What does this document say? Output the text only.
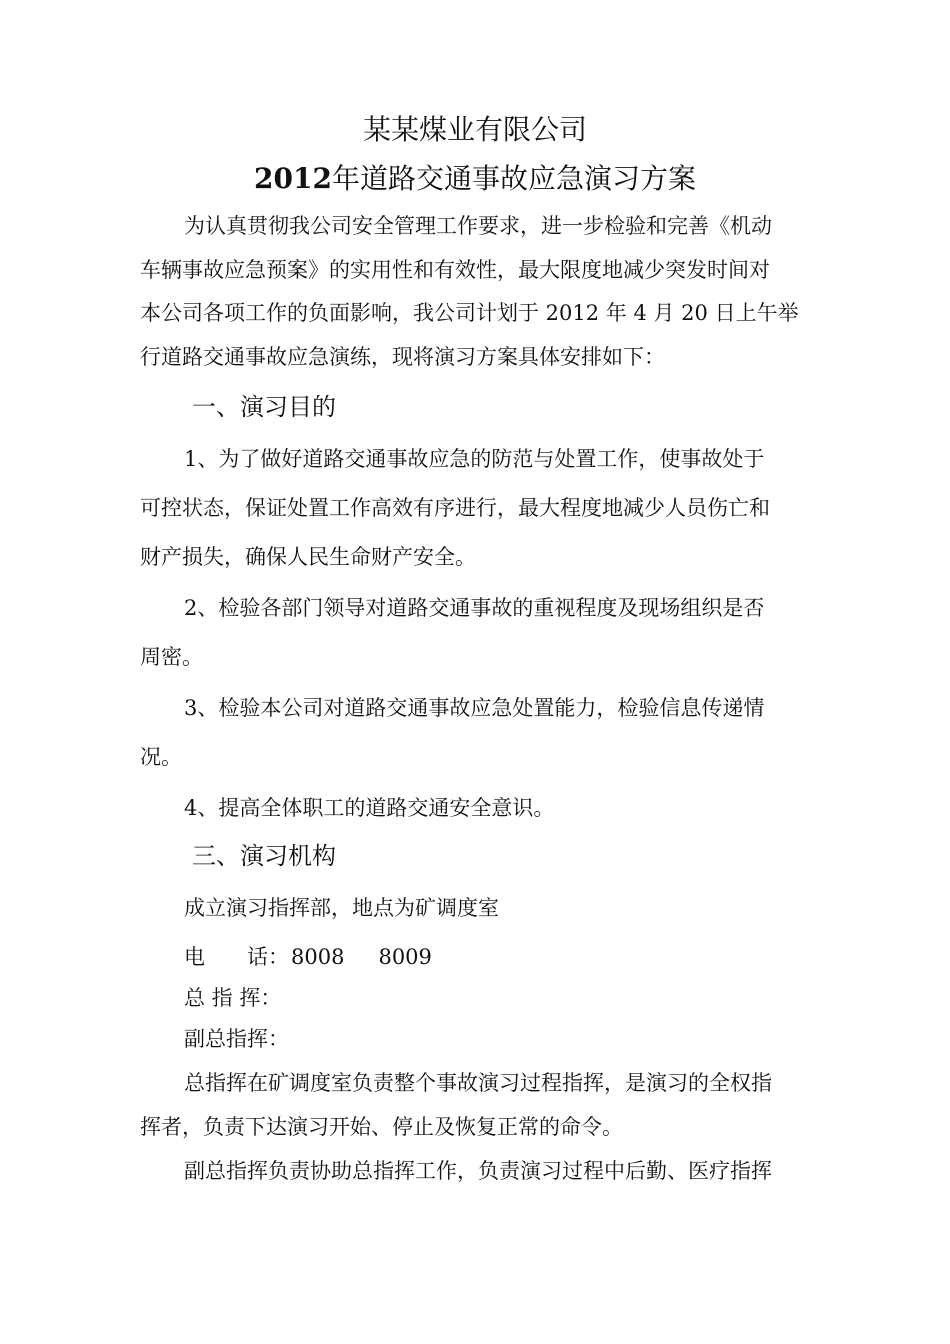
某某煤业有限公司
2012年道路交通事故应急演习方案
为认真贯彻我公司安全管理工作要求，进一步检验和完善《机动
车辆事故应急预案》的实用性和有效性，最大限度地减少突发时间对
本公司各项工作的负面影响，我公司计划于 2012 年 4 月 20 日上午举
行道路交通事故应急演练，现将演习方案具体安排如下：
一、演习目的
1、为了做好道路交通事故应急的防范与处置工作，使事故处于
可控状态，保证处置工作高效有序进行，最大程度地减少人员伤亡和
财产损失，确保人民生命财产安全。
2、检验各部门领导对道路交通事故的重视程度及现场组织是否
周密。
3、检验本公司对道路交通事故应急处置能力，检验信息传递情
况。
4、提高全体职工的道路交通安全意识。
三、演习机构
成立演习指挥部，地点为矿调度室
电　　话：8008 8009
总 指 挥：
副总指挥：
总指挥在矿调度室负责整个事故演习过程指挥，是演习的全权指
挥者，负责下达演习开始、停止及恢复正常的命令。
副总指挥负责协助总指挥工作，负责演习过程中后勤、医疗指挥
